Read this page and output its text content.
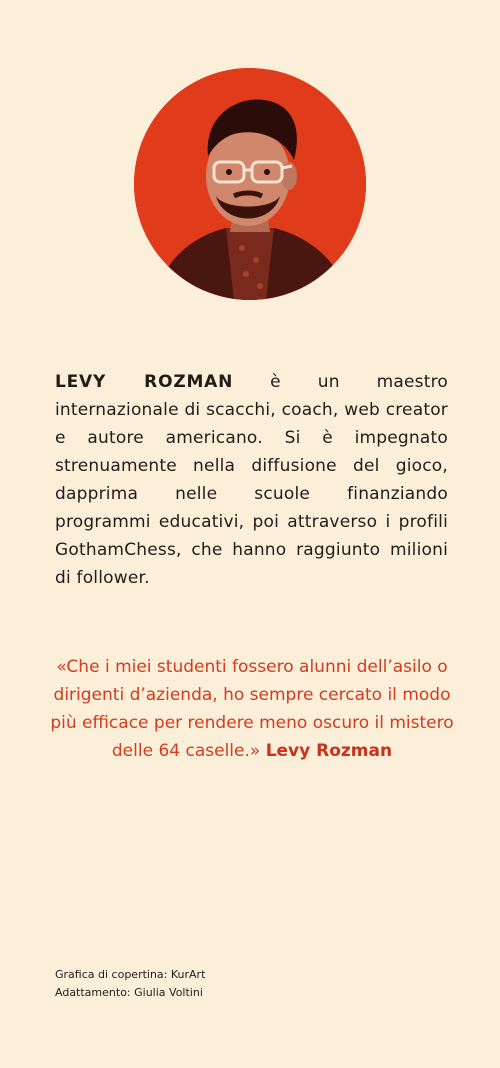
LEVY ROZMAN è un maestro internazionale di scacchi, coach, web creator e autore americano. Si è impegnato strenuamente nella diffusione del gioco, dapprima nelle scuole finanziando programmi educativi, poi attraverso i profili GothamChess, che hanno raggiunto milioni di follower.

«Che i miei studenti fossero alunni dell’asilo o dirigenti d’azienda, ho sempre cercato il modo più efficace per rendere meno oscuro il mistero delle 64 caselle.» Levy Rozman

Grafica di copertina: KurArt
Adattamento: Giulia Voltini
